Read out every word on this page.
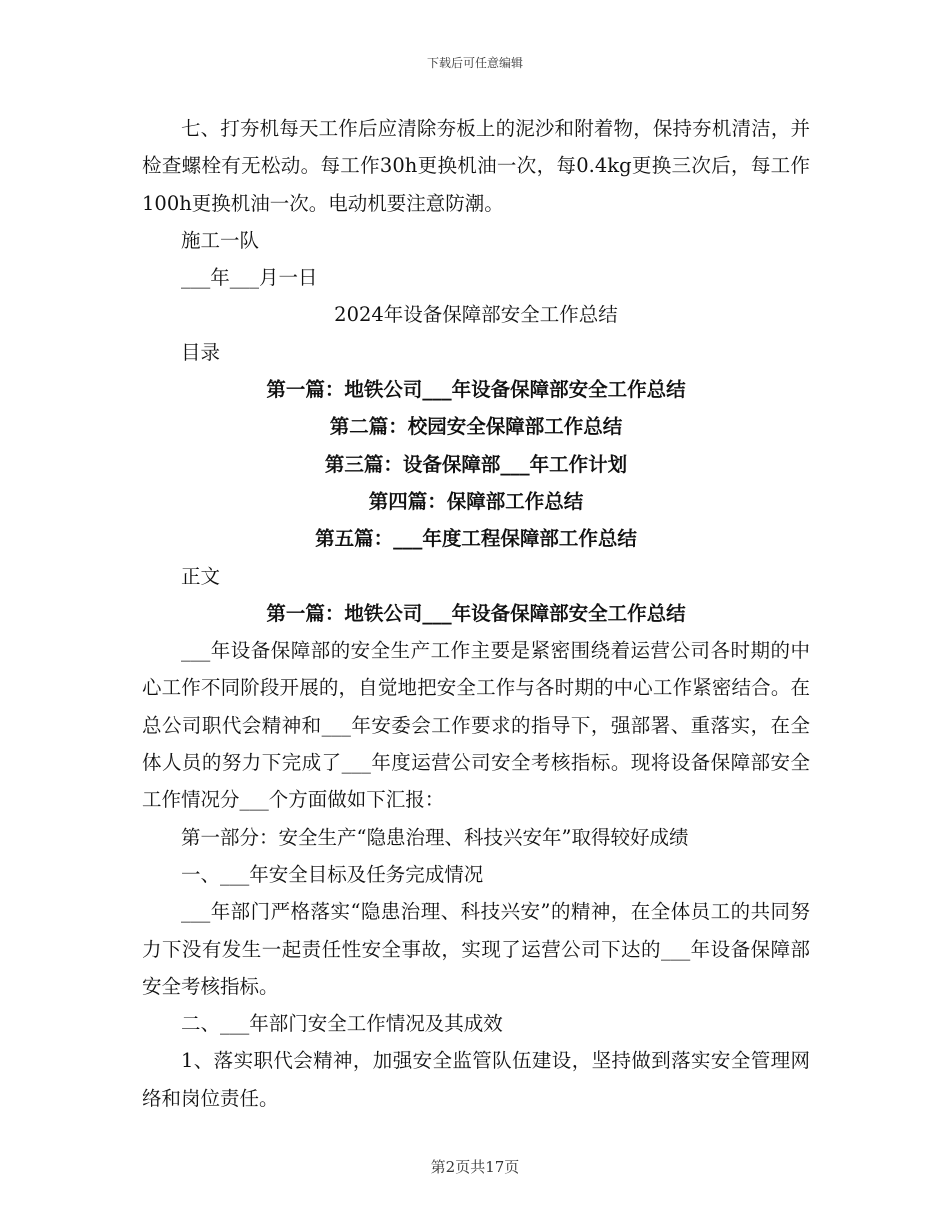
下载后可任意编辑

七、打夯机每天工作后应清除夯板上的泥沙和附着物，保持夯机清洁，并检查螺栓有无松动。每工作30h更换机油一次，每0.4kg更换三次后，每工作100h更换机油一次。电动机要注意防潮。

施工一队

___年___月一日

2024年设备保障部安全工作总结

目录

第一篇：地铁公司___年设备保障部安全工作总结

第二篇：校园安全保障部工作总结

第三篇：设备保障部___年工作计划

第四篇：保障部工作总结

第五篇：___年度工程保障部工作总结

正文

第一篇：地铁公司___年设备保障部安全工作总结

___年设备保障部的安全生产工作主要是紧密围绕着运营公司各时期的中心工作不同阶段开展的，自觉地把安全工作与各时期的中心工作紧密结合。在总公司职代会精神和___年安委会工作要求的指导下，强部署、重落实，在全体人员的努力下完成了___年度运营公司安全考核指标。现将设备保障部安全工作情况分___个方面做如下汇报：

第一部分：安全生产“隐患治理、科技兴安年”取得较好成绩

一、___年安全目标及任务完成情况

___年部门严格落实“隐患治理、科技兴安”的精神，在全体员工的共同努力下没有发生一起责任性安全事故，实现了运营公司下达的___年设备保障部安全考核指标。

二、___年部门安全工作情况及其成效

1、落实职代会精神，加强安全监管队伍建设，坚持做到落实安全管理网络和岗位责任。

第2页共17页
